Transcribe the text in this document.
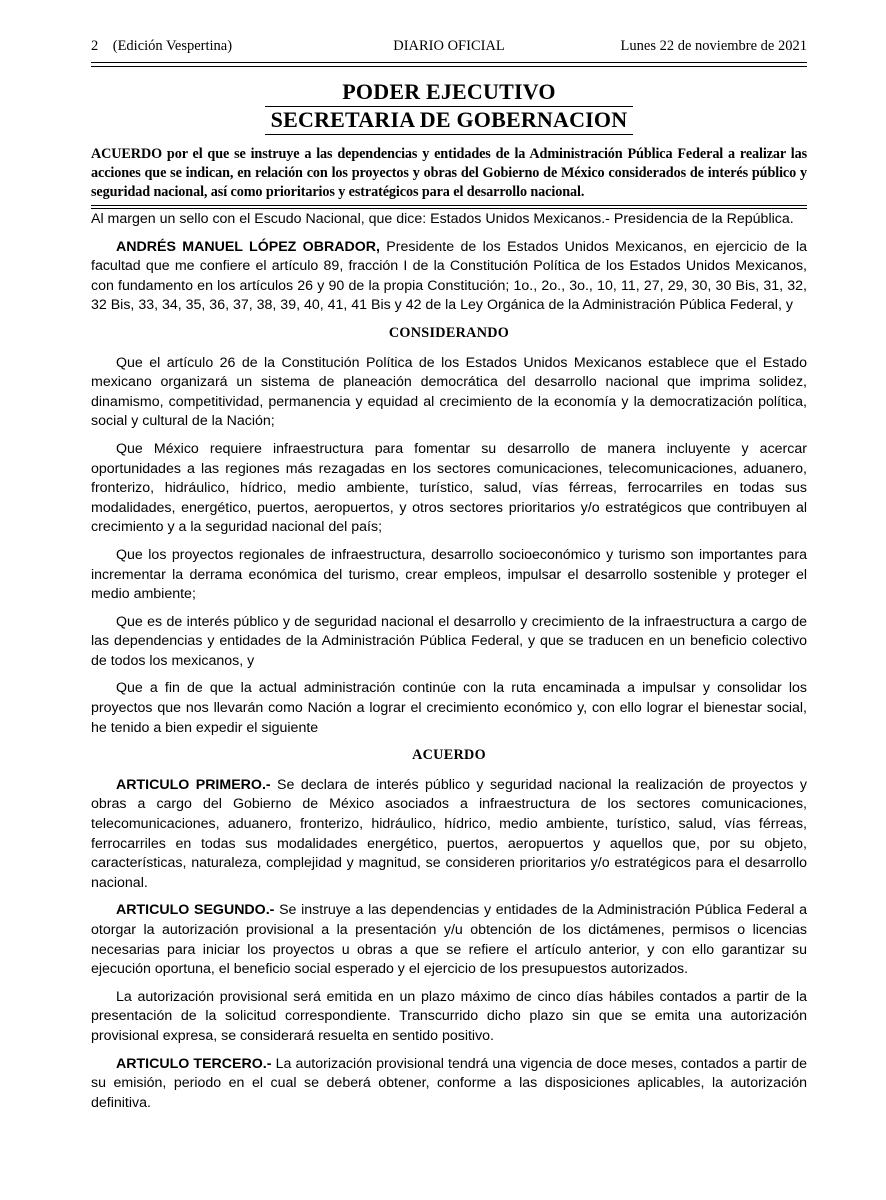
2 (Edición Vespertina)	DIARIO OFICIAL	Lunes 22 de noviembre de 2021
PODER EJECUTIVO
SECRETARIA DE GOBERNACION
ACUERDO por el que se instruye a las dependencias y entidades de la Administración Pública Federal a realizar las acciones que se indican, en relación con los proyectos y obras del Gobierno de México considerados de interés público y seguridad nacional, así como prioritarios y estratégicos para el desarrollo nacional.

Al margen un sello con el Escudo Nacional, que dice: Estados Unidos Mexicanos.- Presidencia de la República.

ANDRÉS MANUEL LÓPEZ OBRADOR, Presidente de los Estados Unidos Mexicanos, en ejercicio de la facultad que me confiere el artículo 89, fracción I de la Constitución Política de los Estados Unidos Mexicanos, con fundamento en los artículos 26 y 90 de la propia Constitución; 1o., 2o., 3o., 10, 11, 27, 29, 30, 30 Bis, 31, 32, 32 Bis, 33, 34, 35, 36, 37, 38, 39, 40, 41, 41 Bis y 42 de la Ley Orgánica de la Administración Pública Federal, y

CONSIDERANDO

Que el artículo 26 de la Constitución Política de los Estados Unidos Mexicanos establece que el Estado mexicano organizará un sistema de planeación democrática del desarrollo nacional que imprima solidez, dinamismo, competitividad, permanencia y equidad al crecimiento de la economía y la democratización política, social y cultural de la Nación;

Que México requiere infraestructura para fomentar su desarrollo de manera incluyente y acercar oportunidades a las regiones más rezagadas en los sectores comunicaciones, telecomunicaciones, aduanero, fronterizo, hidráulico, hídrico, medio ambiente, turístico, salud, vías férreas, ferrocarriles en todas sus modalidades, energético, puertos, aeropuertos, y otros sectores prioritarios y/o estratégicos que contribuyen al crecimiento y a la seguridad nacional del país;

Que los proyectos regionales de infraestructura, desarrollo socioeconómico y turismo son importantes para incrementar la derrama económica del turismo, crear empleos, impulsar el desarrollo sostenible y proteger el medio ambiente;

Que es de interés público y de seguridad nacional el desarrollo y crecimiento de la infraestructura a cargo de las dependencias y entidades de la Administración Pública Federal, y que se traducen en un beneficio colectivo de todos los mexicanos, y

Que a fin de que la actual administración continúe con la ruta encaminada a impulsar y consolidar los proyectos que nos llevarán como Nación a lograr el crecimiento económico y, con ello lograr el bienestar social, he tenido a bien expedir el siguiente

ACUERDO

ARTICULO PRIMERO.- Se declara de interés público y seguridad nacional la realización de proyectos y obras a cargo del Gobierno de México asociados a infraestructura de los sectores comunicaciones, telecomunicaciones, aduanero, fronterizo, hidráulico, hídrico, medio ambiente, turístico, salud, vías férreas, ferrocarriles en todas sus modalidades energético, puertos, aeropuertos y aquellos que, por su objeto, características, naturaleza, complejidad y magnitud, se consideren prioritarios y/o estratégicos para el desarrollo nacional.

ARTICULO SEGUNDO.- Se instruye a las dependencias y entidades de la Administración Pública Federal a otorgar la autorización provisional a la presentación y/u obtención de los dictámenes, permisos o licencias necesarias para iniciar los proyectos u obras a que se refiere el artículo anterior, y con ello garantizar su ejecución oportuna, el beneficio social esperado y el ejercicio de los presupuestos autorizados.

La autorización provisional será emitida en un plazo máximo de cinco días hábiles contados a partir de la presentación de la solicitud correspondiente. Transcurrido dicho plazo sin que se emita una autorización provisional expresa, se considerará resuelta en sentido positivo.

ARTICULO TERCERO.- La autorización provisional tendrá una vigencia de doce meses, contados a partir de su emisión, periodo en el cual se deberá obtener, conforme a las disposiciones aplicables, la autorización definitiva.
